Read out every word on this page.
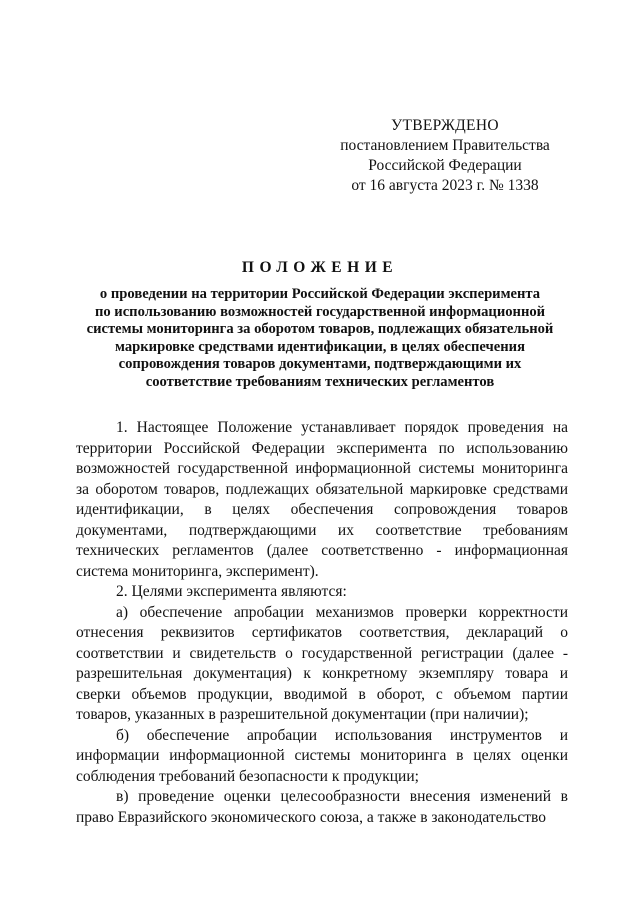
УТВЕРЖДЕНО
постановлением Правительства
Российской Федерации
от 16 августа 2023 г. № 1338
ПОЛОЖЕНИЕ
о проведении на территории Российской Федерации эксперимента
по использованию возможностей государственной информационной
системы мониторинга за оборотом товаров, подлежащих обязательной
маркировке средствами идентификации, в целях обеспечения
сопровождения товаров документами, подтверждающими их
соответствие требованиям технических регламентов

1. Настоящее Положение устанавливает порядок проведения на территории Российской Федерации эксперимента по использованию возможностей государственной информационной системы мониторинга за оборотом товаров, подлежащих обязательной маркировке средствами идентификации, в целях обеспечения сопровождения товаров документами, подтверждающими их соответствие требованиям технических регламентов (далее соответственно - информационная система мониторинга, эксперимент).

2. Целями эксперимента являются:

а) обеспечение апробации механизмов проверки корректности отнесения реквизитов сертификатов соответствия, деклараций о соответствии и свидетельств о государственной регистрации (далее - разрешительная документация) к конкретному экземпляру товара и сверки объемов продукции, вводимой в оборот, с объемом партии товаров, указанных в разрешительной документации (при наличии);

б) обеспечение апробации использования инструментов и информации информационной системы мониторинга в целях оценки соблюдения требований безопасности к продукции;

в) проведение оценки целесообразности внесения изменений в право Евразийского экономического союза, а также в законодательство
